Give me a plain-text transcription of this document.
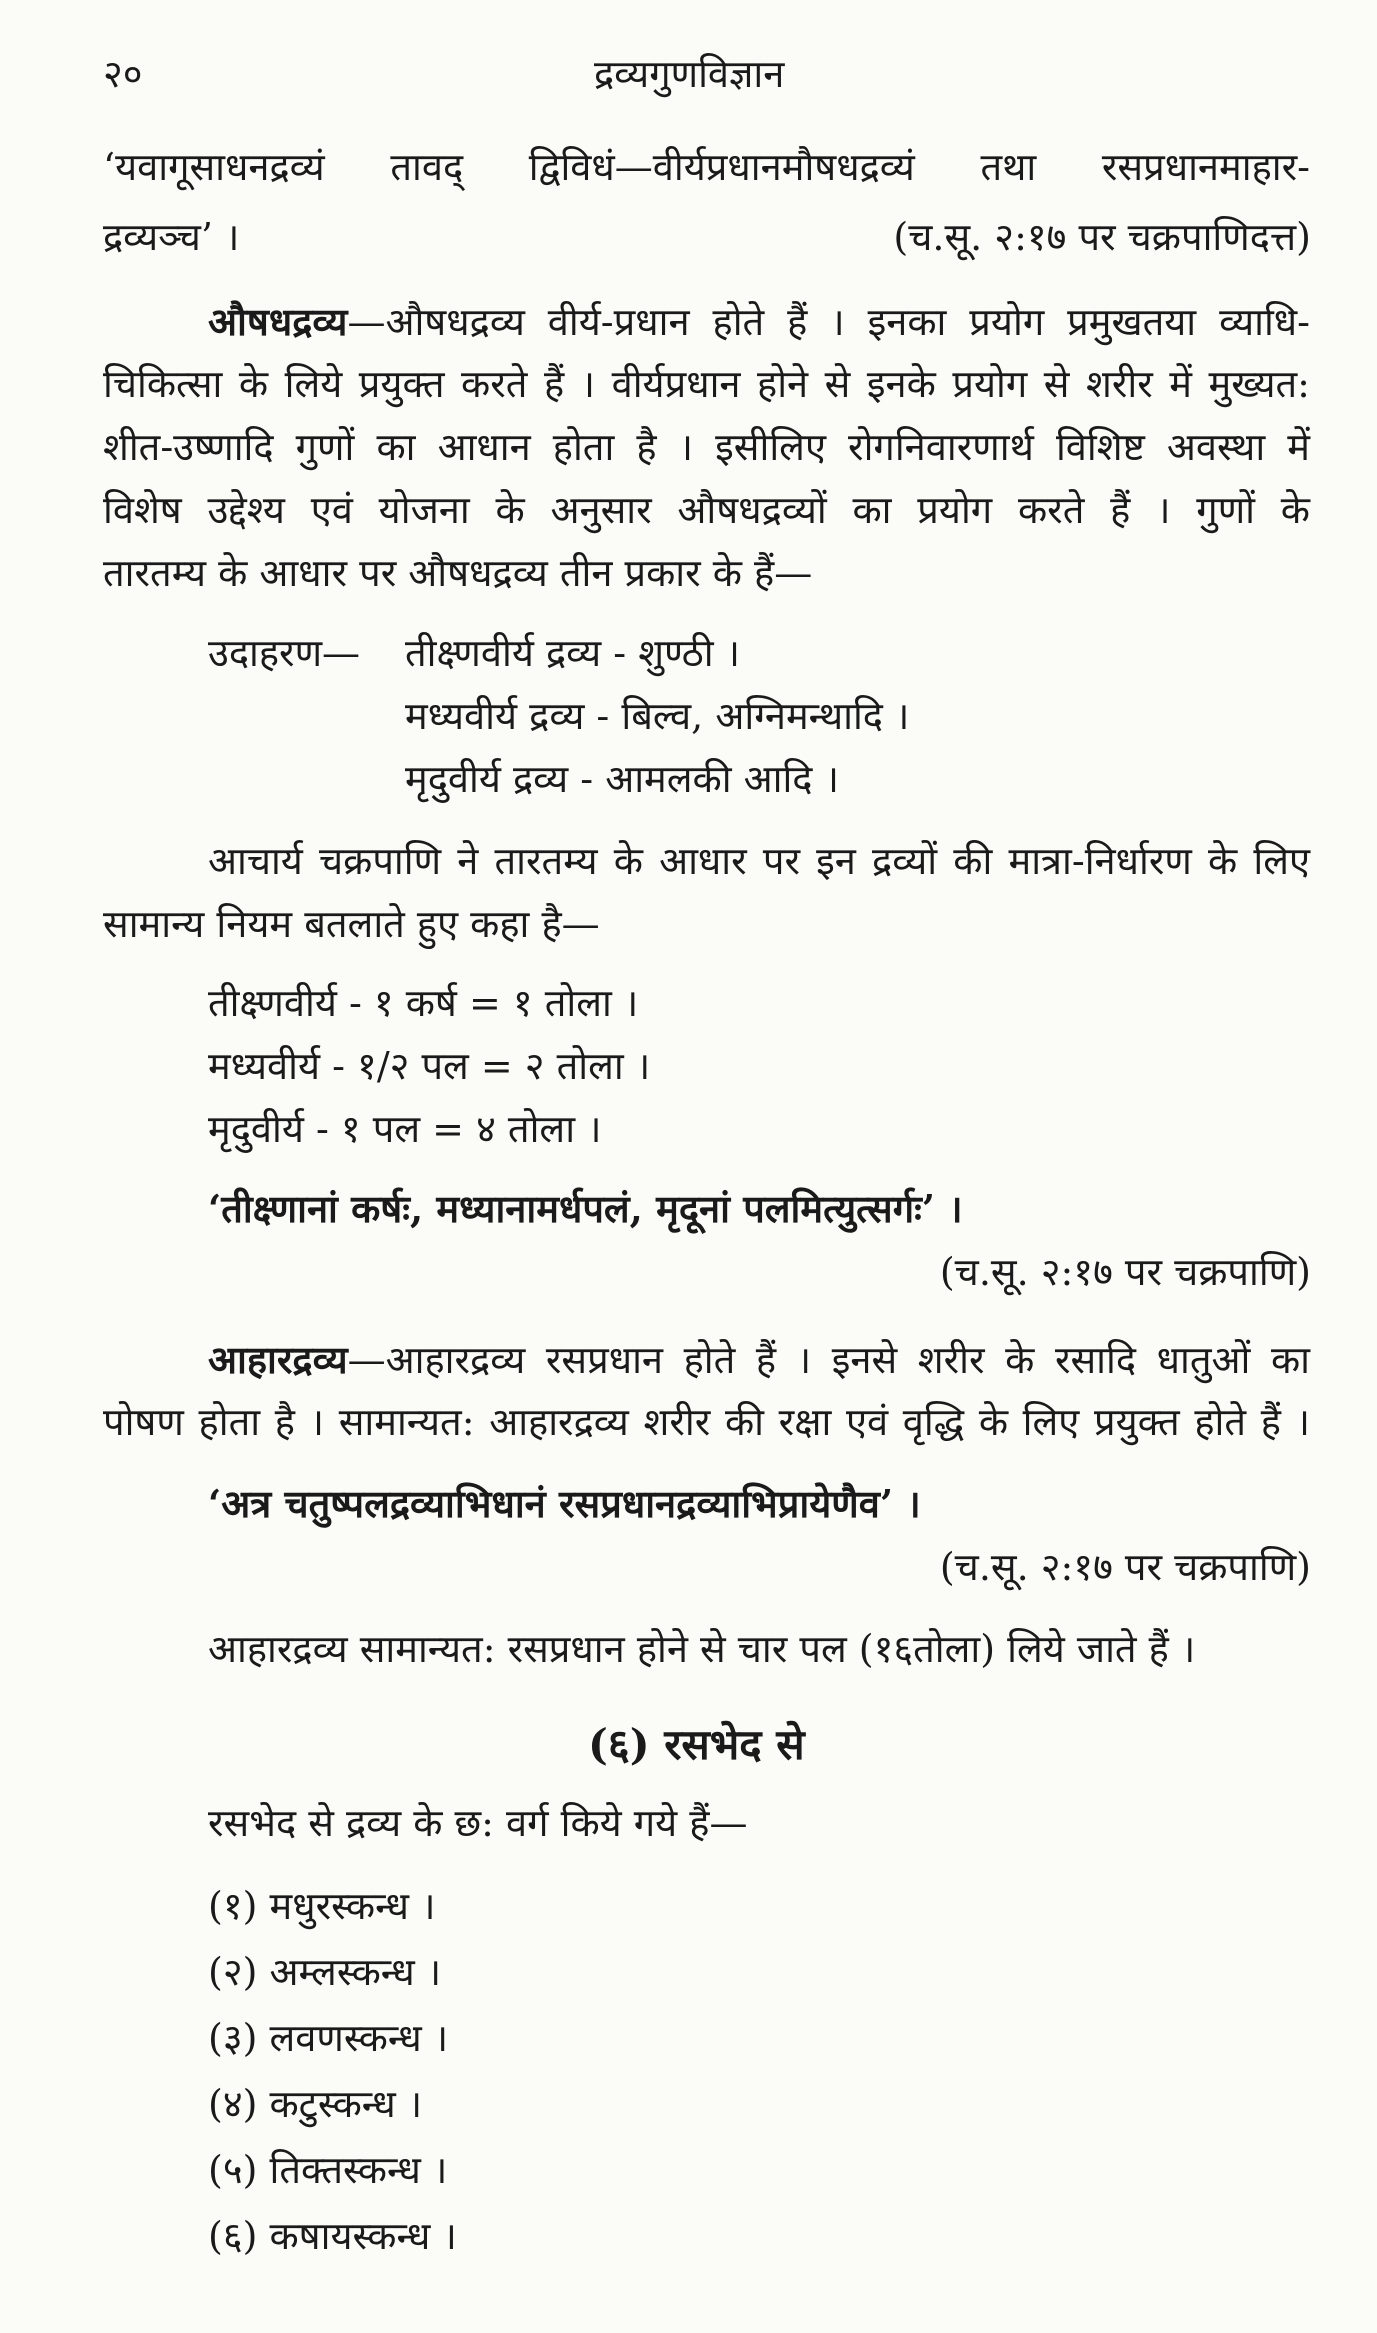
२०	द्रव्यगुणविज्ञान
‘यवागूसाधनद्रव्यं तावद् द्विविधं—वीर्यप्रधानमौषधद्रव्यं तथा रसप्रधानमाहार-
द्रव्यञ्च’ ।	(च.सू. २:१७ पर चक्रपाणिदत्त)
औषधद्रव्य—औषधद्रव्य वीर्य-प्रधान होते हैं । इनका प्रयोग प्रमुखतया व्याधि-
चिकित्सा के लिये प्रयुक्त करते हैं । वीर्यप्रधान होने से इनके प्रयोग से शरीर में मुख्यत:
शीत-उष्णादि गुणों का आधान होता है । इसीलिए रोगनिवारणार्थ विशिष्ट अवस्था में
विशेष उद्देश्य एवं योजना के अनुसार औषधद्रव्यों का प्रयोग करते हैं । गुणों के
तारतम्य के आधार पर औषधद्रव्य तीन प्रकार के हैं—
उदाहरण— तीक्ष्णवीर्य द्रव्य - शुण्ठी ।
मध्यवीर्य द्रव्य - बिल्व, अग्निमन्थादि ।
मृदुवीर्य द्रव्य - आमलकी आदि ।
आचार्य चक्रपाणि ने तारतम्य के आधार पर इन द्रव्यों की मात्रा-निर्धारण के लिए
सामान्य नियम बतलाते हुए कहा है—
तीक्ष्णवीर्य - १ कर्ष = १ तोला ।
मध्यवीर्य - १/२ पल = २ तोला ।
मृदुवीर्य - १ पल = ४ तोला ।
‘तीक्ष्णानां कर्षः, मध्यानामर्धपलं, मृदूनां पलमित्युत्सर्गः’ ।
(च.सू. २:१७ पर चक्रपाणि)
आहारद्रव्य—आहारद्रव्य रसप्रधान होते हैं । इनसे शरीर के रसादि धातुओं का
पोषण होता है । सामान्यत: आहारद्रव्य शरीर की रक्षा एवं वृद्धि के लिए प्रयुक्त होते हैं ।
‘अत्र चतुष्पलद्रव्याभिधानं रसप्रधानद्रव्याभिप्रायेणैव’ ।
(च.सू. २:१७ पर चक्रपाणि)
आहारद्रव्य सामान्यत: रसप्रधान होने से चार पल (१६तोला) लिये जाते हैं ।
(६) रसभेद से
रसभेद से द्रव्य के छ: वर्ग किये गये हैं—
(१) मधुरस्कन्ध ।
(२) अम्लस्कन्ध ।
(३) लवणस्कन्ध ।
(४) कटुस्कन्ध ।
(५) तिक्तस्कन्ध ।
(६) कषायस्कन्ध ।
